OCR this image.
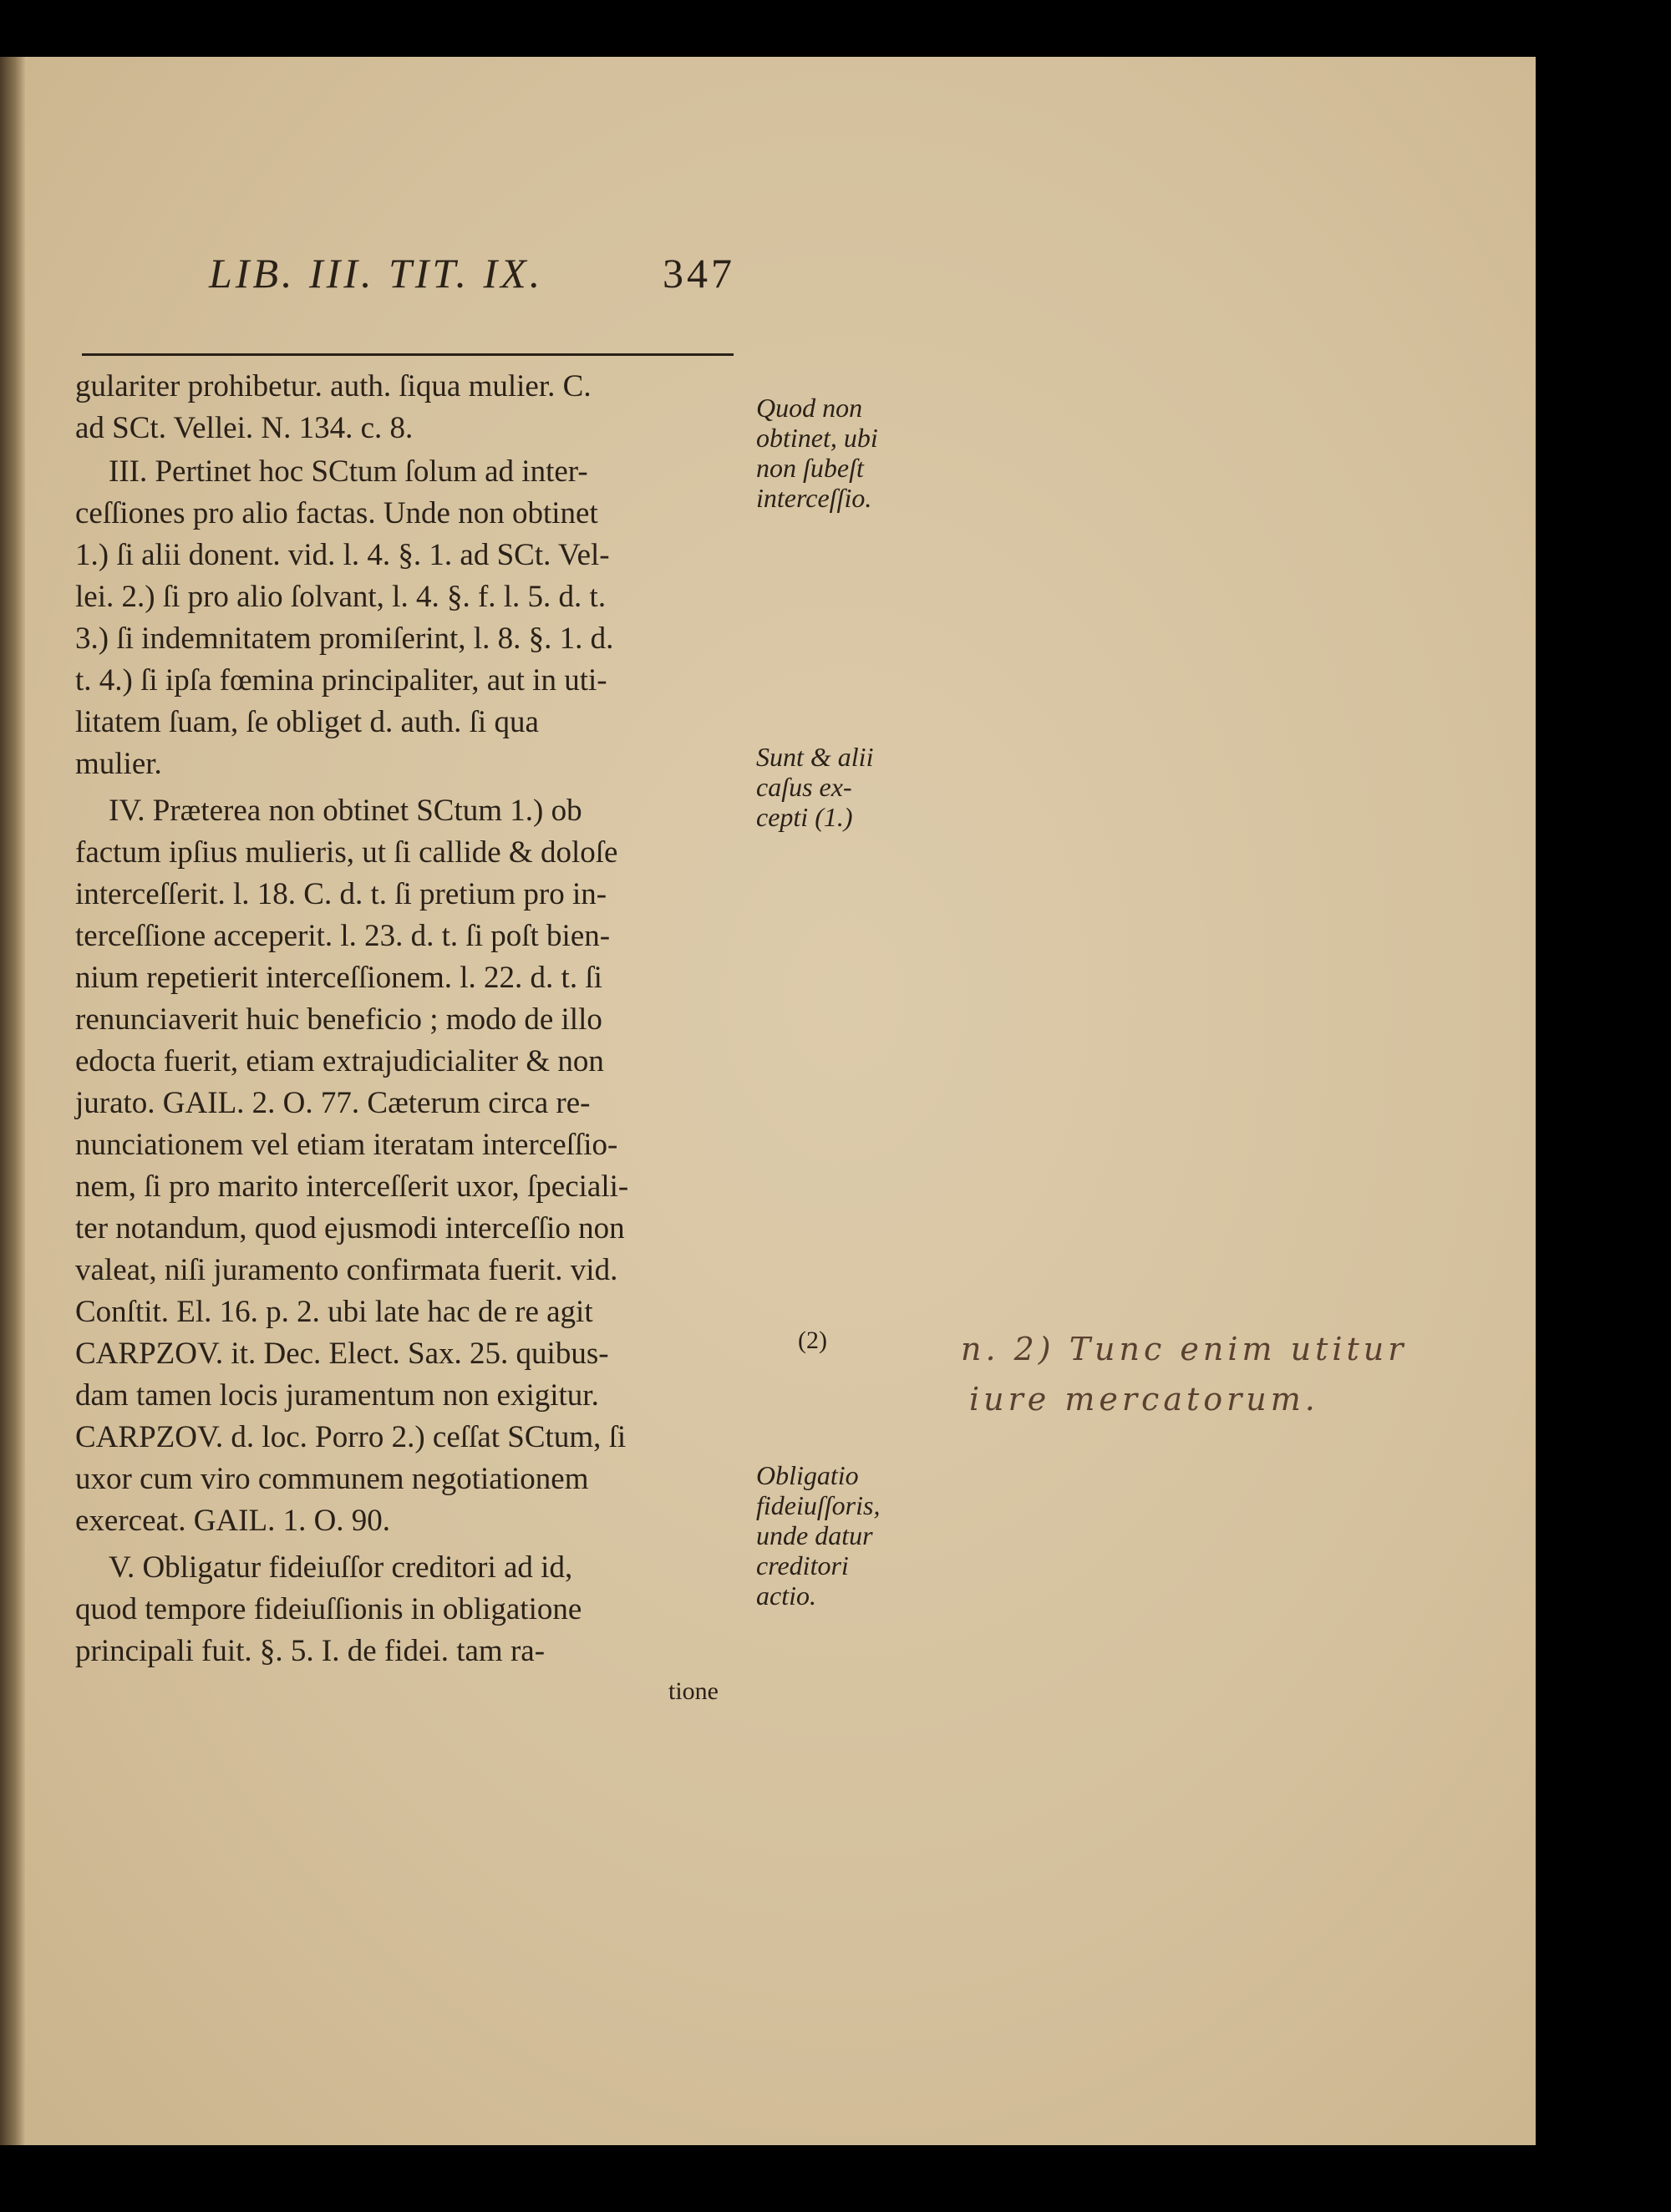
LIB. III. TIT. IX.	347
gulariter prohibetur. auth. ſiqua mulier. C.
ad SCt. Vellei. N. 134. c. 8.
III. Pertinet hoc SCtum ſolum ad inter-
ceſſiones pro alio factas. Unde non obtinet
1.) ſi alii donent. vid. l. 4. §. 1. ad SCt. Vel-
lei. 2.) ſi pro alio ſolvant, l. 4. §. f. l. 5. d. t.
3.) ſi indemnitatem promiſerint, l. 8. §. 1. d.
t. 4.) ſi ipſa fœmina principaliter, aut in uti-
litatem ſuam, ſe obliget d. auth. ſi qua
mulier.
IV. Præterea non obtinet SCtum 1.) ob
factum ipſius mulieris, ut ſi callide & doloſe
interceſſerit. l. 18. C. d. t. ſi pretium pro in-
terceſſione acceperit. l. 23. d. t. ſi poſt bien-
nium repetierit interceſſionem. l. 22. d. t. ſi
renunciaverit huic beneficio ; modo de illo
edocta fuerit, etiam extrajudicialiter & non
jurato. GAIL. 2. O. 77. Cæterum circa re-
nunciationem vel etiam iteratam interceſſio-
nem, ſi pro marito interceſſerit uxor, ſpeciali-
ter notandum, quod ejusmodi interceſſio non
valeat, niſi juramento confirmata fuerit. vid.
Conſtit. El. 16. p. 2. ubi late hac de re agit
CARPZOV. it. Dec. Elect. Sax. 25. quibus-
dam tamen locis juramentum non exigitur.
CARPZOV. d. loc. Porro 2.) ceſſat SCtum, ſi
uxor cum viro communem negotiationem
exerceat. GAIL. 1. O. 90.
V. Obligatur fideiuſſor creditori ad id,
quod tempore fideiuſſionis in obligatione
principali fuit. §. 5. I. de fidei. tam ra-
tione
Quod non
obtinet, ubi
non ſubeſt
interceſſio.
Sunt & alii
caſus ex-
cepti (1.)
Obligatio
fideiuſſoris,
unde datur
creditori
actio.
(2)	n. 2) Tunc enim utitur
iure mercatorum.
